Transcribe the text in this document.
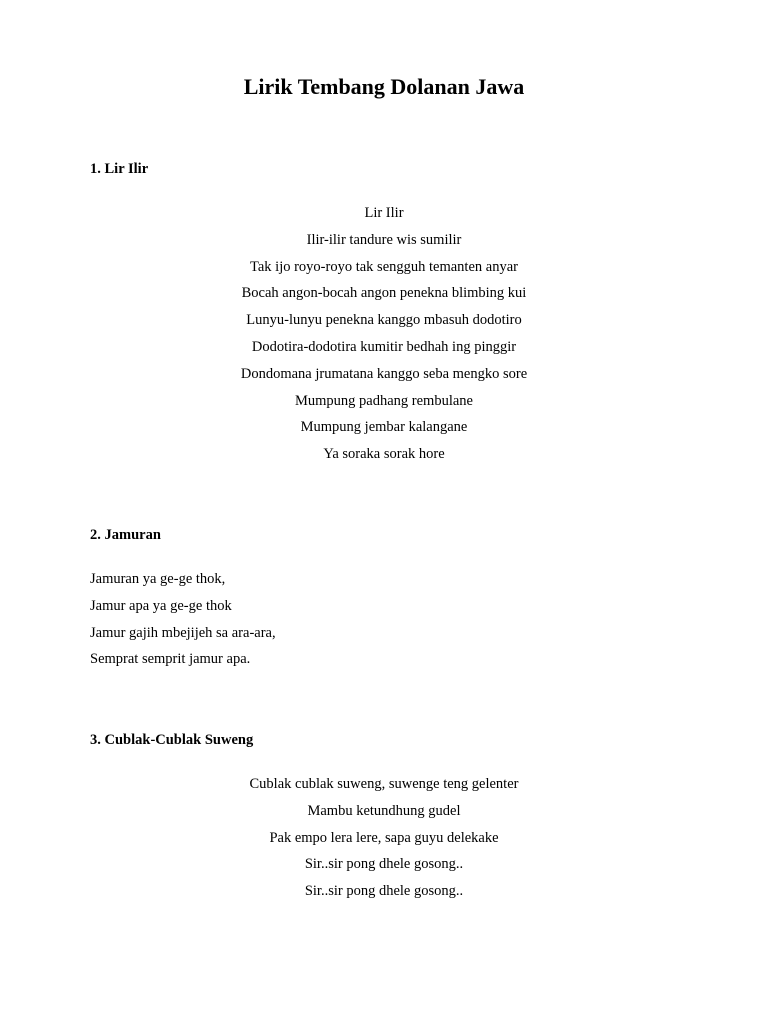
Lirik Tembang Dolanan Jawa
1. Lir Ilir
Lir Ilir
Ilir-ilir tandure wis sumilir
Tak ijo royo-royo tak sengguh temanten anyar
Bocah angon-bocah angon penekna blimbing kui
Lunyu-lunyu penekna kanggo mbasuh dodotiro
Dodotira-dodotira kumitir bedhah ing pinggir
Dondomana jrumatana kanggo seba mengko sore
Mumpung padhang rembulane
Mumpung jembar kalangane
Ya soraka sorak hore
2. Jamuran
Jamuran ya ge-ge thok,
Jamur apa ya ge-ge thok
Jamur gajih mbejijeh sa ara-ara,
Semprat semprit jamur apa.
3. Cublak-Cublak Suweng
Cublak cublak suweng, suwenge teng gelenter
Mambu ketundhung gudel
Pak empo lera lere, sapa guyu delekake
Sir..sir pong dhele gosong..
Sir..sir pong dhele gosong..
